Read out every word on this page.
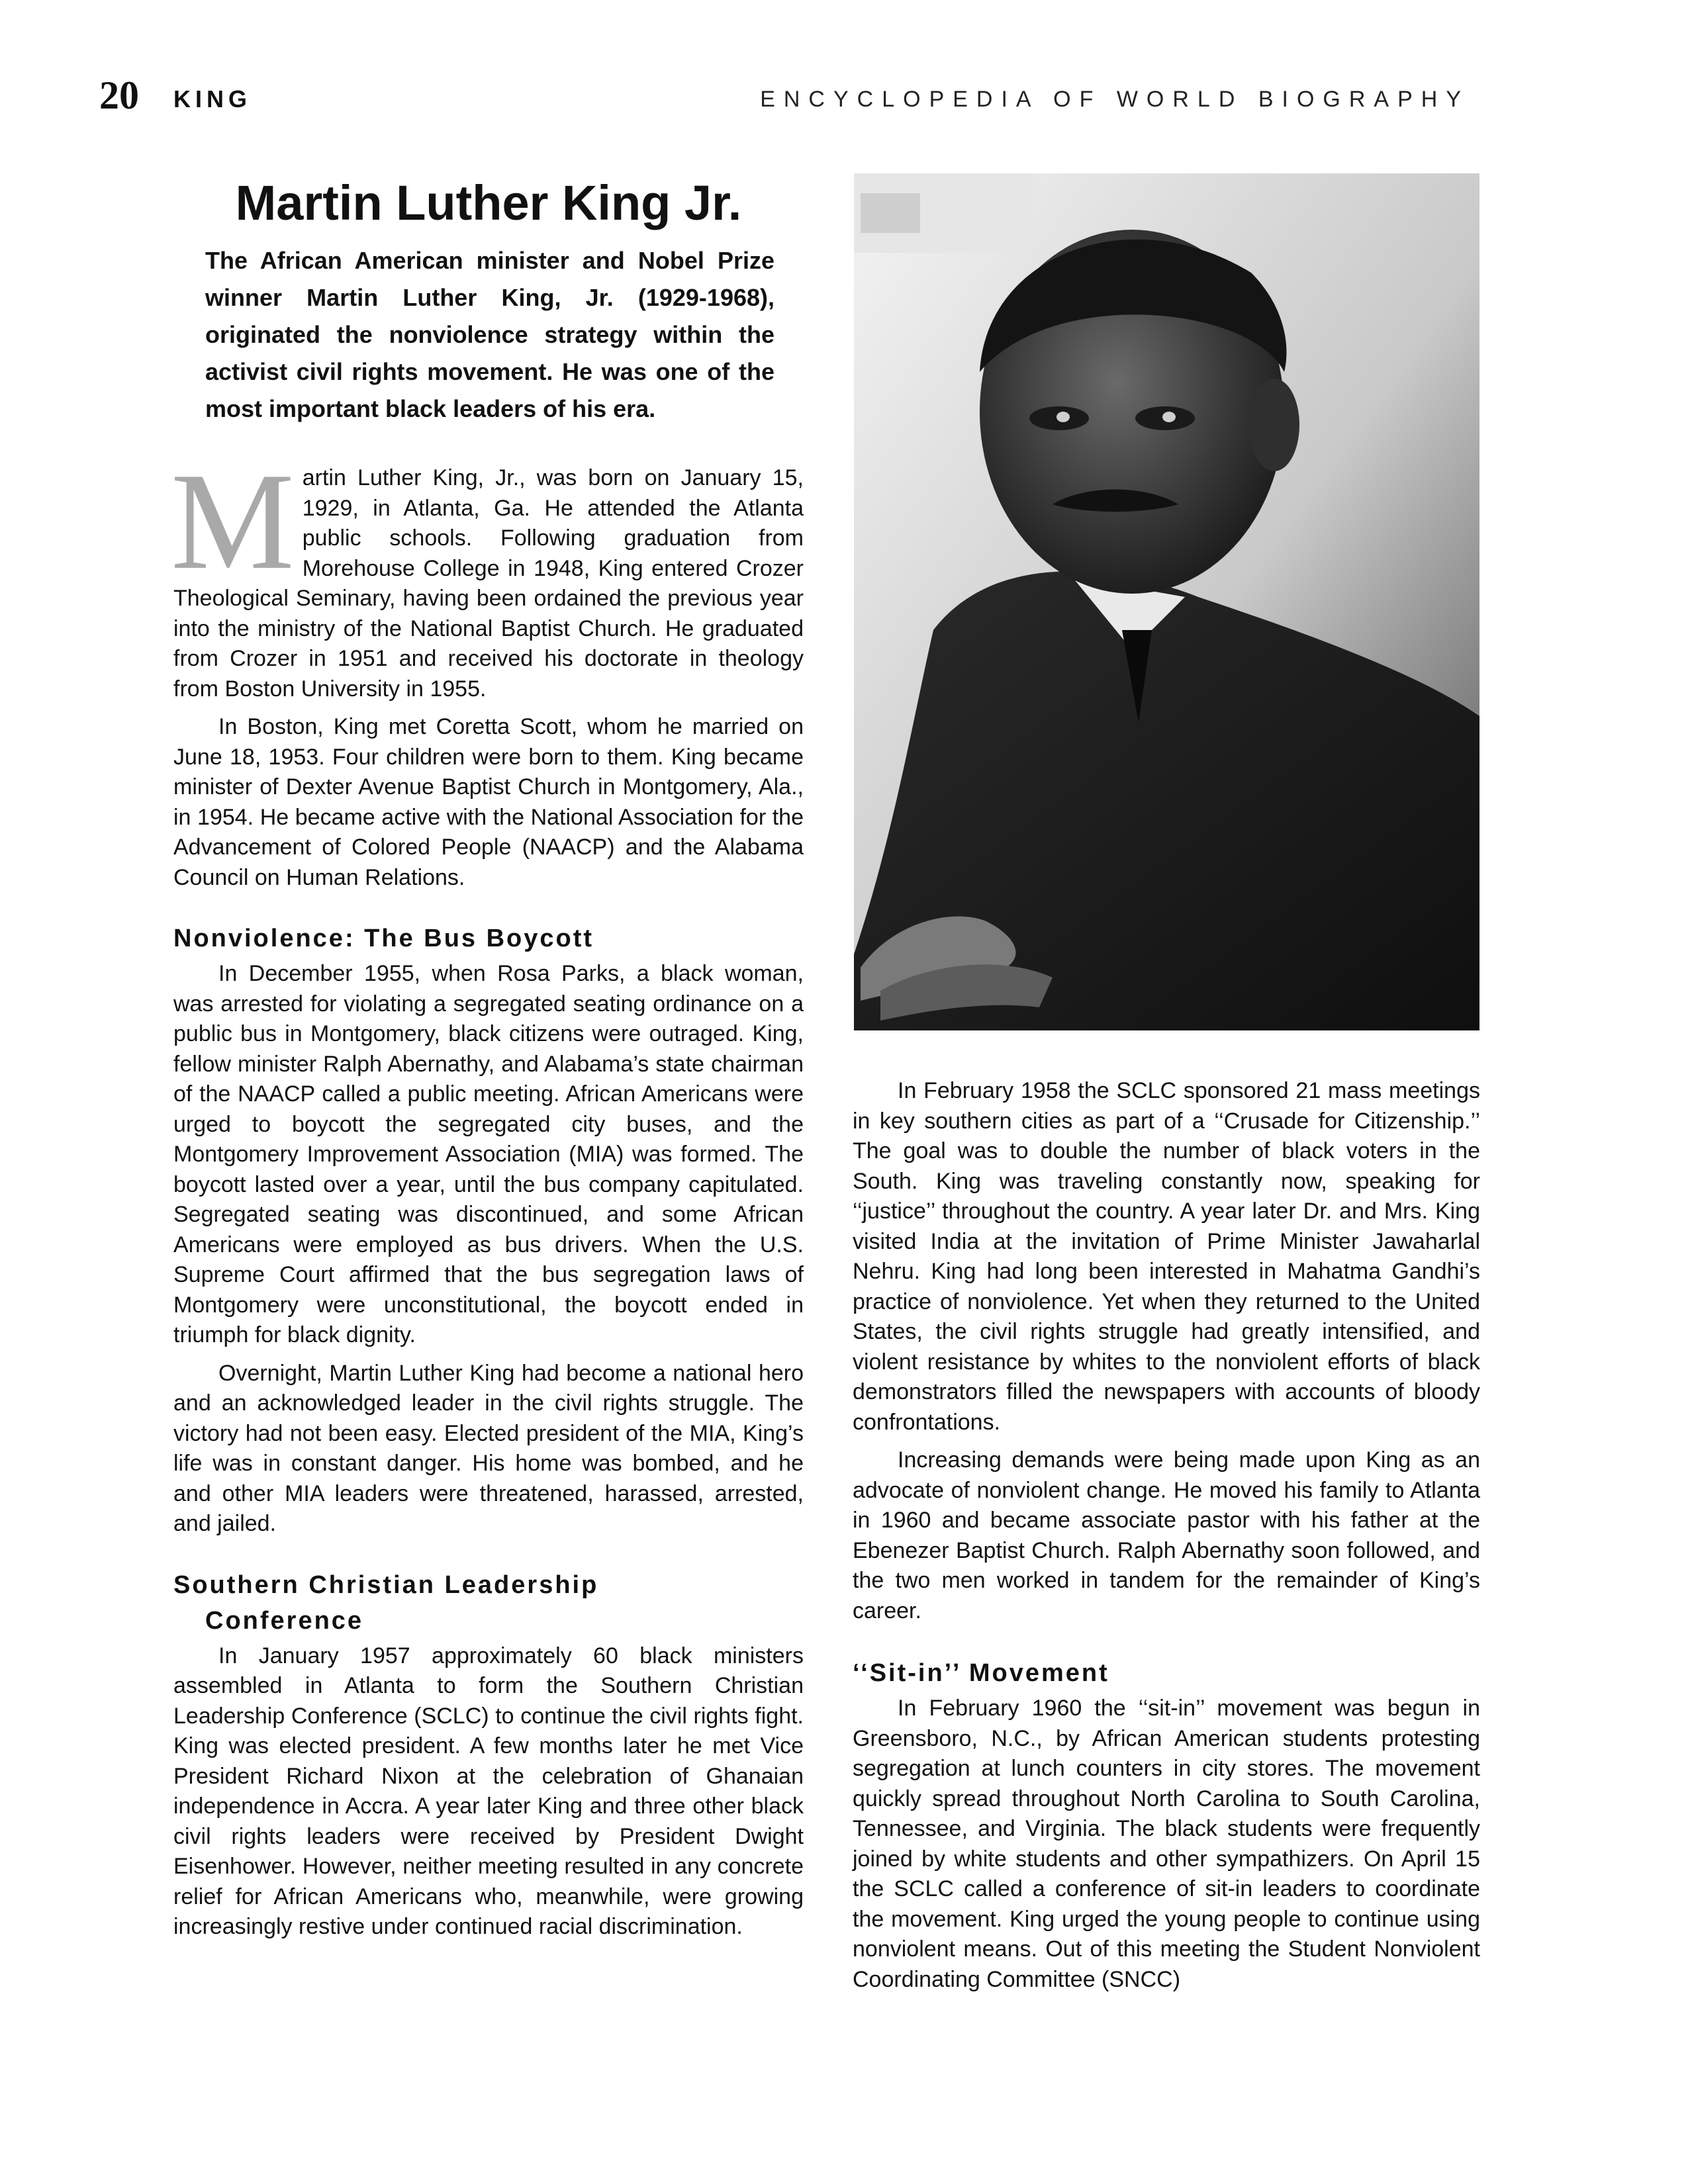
20 KING	ENCYCLOPEDIA OF WORLD BIOGRAPHY
Martin Luther King Jr.
The African American minister and Nobel Prize winner Martin Luther King, Jr. (1929-1968), originated the nonviolence strategy within the activist civil rights movement. He was one of the most important black leaders of his era.

Martin Luther King, Jr., was born on January 15, 1929, in Atlanta, Ga. He attended the Atlanta public schools. Following graduation from Morehouse College in 1948, King entered Crozer Theological Seminary, having been ordained the previous year into the ministry of the National Baptist Church. He graduated from Crozer in 1951 and received his doctorate in theology from Boston University in 1955.

In Boston, King met Coretta Scott, whom he married on June 18, 1953. Four children were born to them. King became minister of Dexter Avenue Baptist Church in Montgomery, Ala., in 1954. He became active with the National Association for the Advancement of Colored People (NAACP) and the Alabama Council on Human Relations.

Nonviolence: The Bus Boycott

In December 1955, when Rosa Parks, a black woman, was arrested for violating a segregated seating ordinance on a public bus in Montgomery, black citizens were outraged. King, fellow minister Ralph Abernathy, and Alabama’s state chairman of the NAACP called a public meeting. African Americans were urged to boycott the segregated city buses, and the Montgomery Improvement Association (MIA) was formed. The boycott lasted over a year, until the bus company capitulated. Segregated seating was discontinued, and some African Americans were employed as bus drivers. When the U.S. Supreme Court affirmed that the bus segregation laws of Montgomery were unconstitutional, the boycott ended in triumph for black dignity.

Overnight, Martin Luther King had become a national hero and an acknowledged leader in the civil rights struggle. The victory had not been easy. Elected president of the MIA, King’s life was in constant danger. His home was bombed, and he and other MIA leaders were threatened, harassed, arrested, and jailed.

Southern Christian Leadership
Conference

In January 1957 approximately 60 black ministers assembled in Atlanta to form the Southern Christian Leadership Conference (SCLC) to continue the civil rights fight. King was elected president. A few months later he met Vice President Richard Nixon at the celebration of Ghanaian independence in Accra. A year later King and three other black civil rights leaders were received by President Dwight Eisenhower. However, neither meeting resulted in any concrete relief for African Americans who, meanwhile, were growing increasingly restive under continued racial discrimination.

In February 1958 the SCLC sponsored 21 mass meetings in key southern cities as part of a ‘‘Crusade for Citizenship.’’ The goal was to double the number of black voters in the South. King was traveling constantly now, speaking for ‘‘justice’’ throughout the country. A year later Dr. and Mrs. King visited India at the invitation of Prime Minister Jawaharlal Nehru. King had long been interested in Mahatma Gandhi’s practice of nonviolence. Yet when they returned to the United States, the civil rights struggle had greatly intensified, and violent resistance by whites to the nonviolent efforts of black demonstrators filled the newspapers with accounts of bloody confrontations.

Increasing demands were being made upon King as an advocate of nonviolent change. He moved his family to Atlanta in 1960 and became associate pastor with his father at the Ebenezer Baptist Church. Ralph Abernathy soon followed, and the two men worked in tandem for the remainder of King’s career.

‘‘Sit-in’’ Movement

In February 1960 the ‘‘sit-in’’ movement was begun in Greensboro, N.C., by African American students protesting segregation at lunch counters in city stores. The movement quickly spread throughout North Carolina to South Carolina, Tennessee, and Virginia. The black students were frequently joined by white students and other sympathizers. On April 15 the SCLC called a conference of sit-in leaders to coordinate the movement. King urged the young people to continue using nonviolent means. Out of this meeting the Student Nonviolent Coordinating Committee (SNCC)
